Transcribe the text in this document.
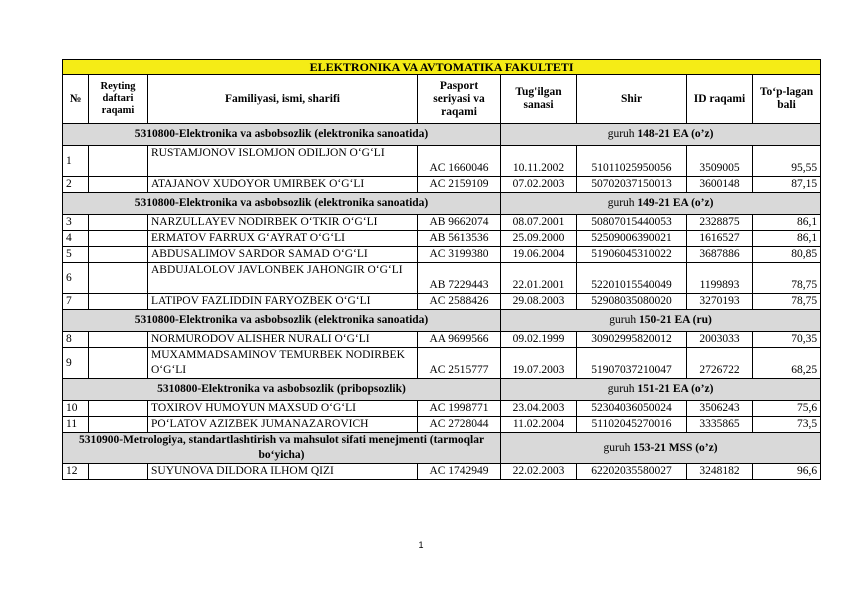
ELEKTRONIKA VA AVTOMATIKA FAKULTETI							
№	Reyting daftari raqami	Familiyasi, ismi, sharifi	Pasport seriyasi va raqami	Tug'ilgan sanasi	Shir	ID raqami	To‘p-lagan bali
5310800-Elektronika va asbobsozlik (elektronika sanoatida)				guruh 148-21 EA (o’z)			
1		RUSTAMJONOV ISLOMJON ODILJON O‘G‘LI	AC 1660046	10.11.2002	51011025950056	3509005	95,55
2		ATAJANOV XUDOYOR UMIRBEK O‘G‘LI	AC 2159109	07.02.2003	50702037150013	3600148	87,15
5310800-Elektronika va asbobsozlik (elektronika sanoatida)				guruh 149-21 EA (o’z)			
3		NARZULLAYEV NODIRBEK O‘TKIR O‘G‘LI	AB 9662074	08.07.2001	50807015440053	2328875	86,1
4		ERMATOV FARRUX G‘AYRAT O‘G‘LI	AB 5613536	25.09.2000	52509006390021	1616527	86,1
5		ABDUSALIMOV SARDOR SAMAD O‘G‘LI	AC 3199380	19.06.2004	51906045310022	3687886	80,85
6		ABDUJALOLOV JAVLONBEK JAHONGIR O‘G‘LI	AB 7229443	22.01.2001	52201015540049	1199893	78,75
7		LATIPOV FAZLIDDIN FARYOZBEK O‘G‘LI	AC 2588426	29.08.2003	52908035080020	3270193	78,75
5310800-Elektronika va asbobsozlik (elektronika sanoatida)				guruh 150-21 EA (ru)			
8		NORMURODOV ALISHER NURALI O‘G‘LI	AA 9699566	09.02.1999	30902995820012	2003033	70,35
9		MUXAMMADSAMINOV TEMURBEK NODIRBEK O‘G‘LI	AC 2515777	19.07.2003	51907037210047	2726722	68,25
5310800-Elektronika va asbobsozlik (pribорsozlik)				guruh 151-21 EA (o’z)			
10		TOXIROV HUMOYUN MAXSUD O‘G‘LI	AC 1998771	23.04.2003	52304036050024	3506243	75,6
11		PO‘LATOV AZIZBEK JUMANAZAROVICH	AC 2728044	11.02.2004	51102045270016	3335865	73,5
5310900-Metrologiya, standartlashtirish va mahsulot sifati menejmenti (tarmoqlar bo‘yicha)				guruh 153-21 MSS (o’z)			
12		SUYUNOVA DILDORA ILHOM QIZI	AC 1742949	22.02.2003	62202035580027	3248182	96,6
1
